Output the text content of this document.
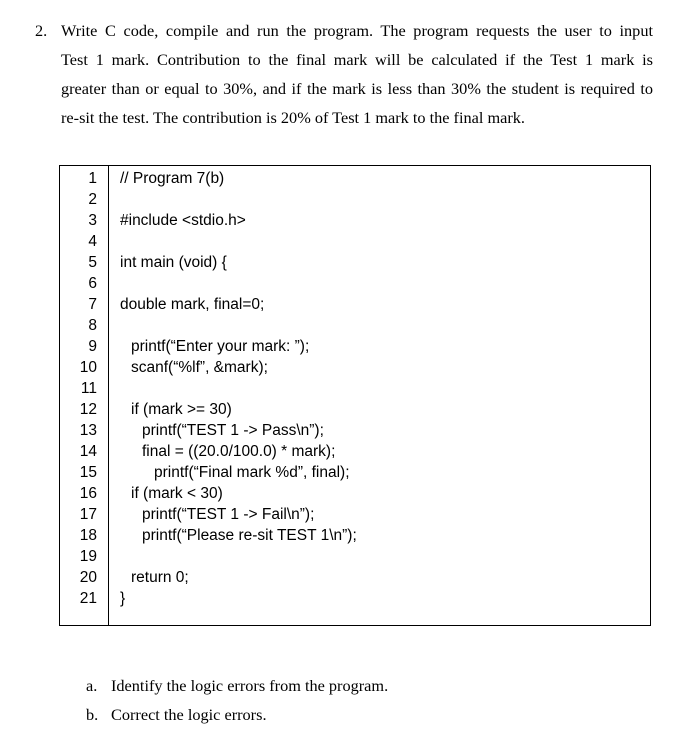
2. Write C code, compile and run the program. The program requests the user to input
Test 1 mark. Contribution to the final mark will be calculated if the Test 1 mark is
greater than or equal to 30%, and if the mark is less than 30% the student is required to
re-sit the test. The contribution is 20% of Test 1 mark to the final mark.
1
2
3
4
5
6
7
8
9
10
11
12
13
14
15
16
17
18
19
20
21
// Program 7(b)
#include <stdio.h>
int main (void) {
double mark, final=0;
printf(“Enter your mark: ”);
scanf(“%lf”, &mark);
if (mark >= 30)
printf(“TEST 1 -> Pass\n”);
final = ((20.0/100.0) * mark);
printf(“Final mark %d”, final);
if (mark < 30)
printf(“TEST 1 -> Fail\n”);
printf(“Please re-sit TEST 1\n”);
return 0;
}
a. Identify the logic errors from the program.
b. Correct the logic errors.
